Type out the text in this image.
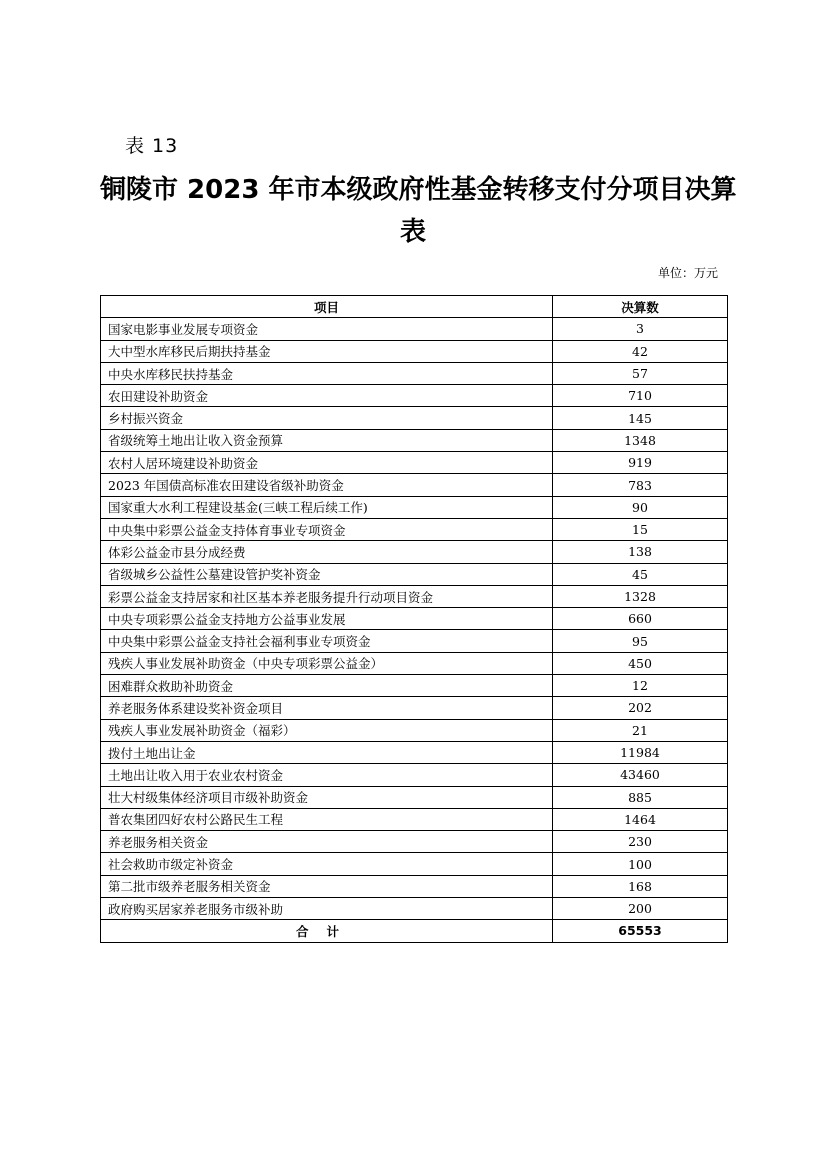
表 13
铜陵市 2023 年市本级政府性基金转移支付分项目决算
表
单位：万元
项目	决算数
国家电影事业发展专项资金	3
大中型水库移民后期扶持基金	42
中央水库移民扶持基金	57
农田建设补助资金	710
乡村振兴资金	145
省级统筹土地出让收入资金预算	1348
农村人居环境建设补助资金	919
2023 年国债高标准农田建设省级补助资金	783
国家重大水利工程建设基金(三峡工程后续工作)	90
中央集中彩票公益金支持体育事业专项资金	15
体彩公益金市县分成经费	138
省级城乡公益性公墓建设管护奖补资金	45
彩票公益金支持居家和社区基本养老服务提升行动项目资金	1328
中央专项彩票公益金支持地方公益事业发展	660
中央集中彩票公益金支持社会福利事业专项资金	95
残疾人事业发展补助资金（中央专项彩票公益金）	450
困难群众救助补助资金	12
养老服务体系建设奖补资金项目	202
残疾人事业发展补助资金（福彩）	21
拨付土地出让金	11984
土地出让收入用于农业农村资金	43460
壮大村级集体经济项目市级补助资金	885
普农集团四好农村公路民生工程	1464
养老服务相关资金	230
社会救助市级定补资金	100
第二批市级养老服务相关资金	168
政府购买居家养老服务市级补助	200
合计	65553
